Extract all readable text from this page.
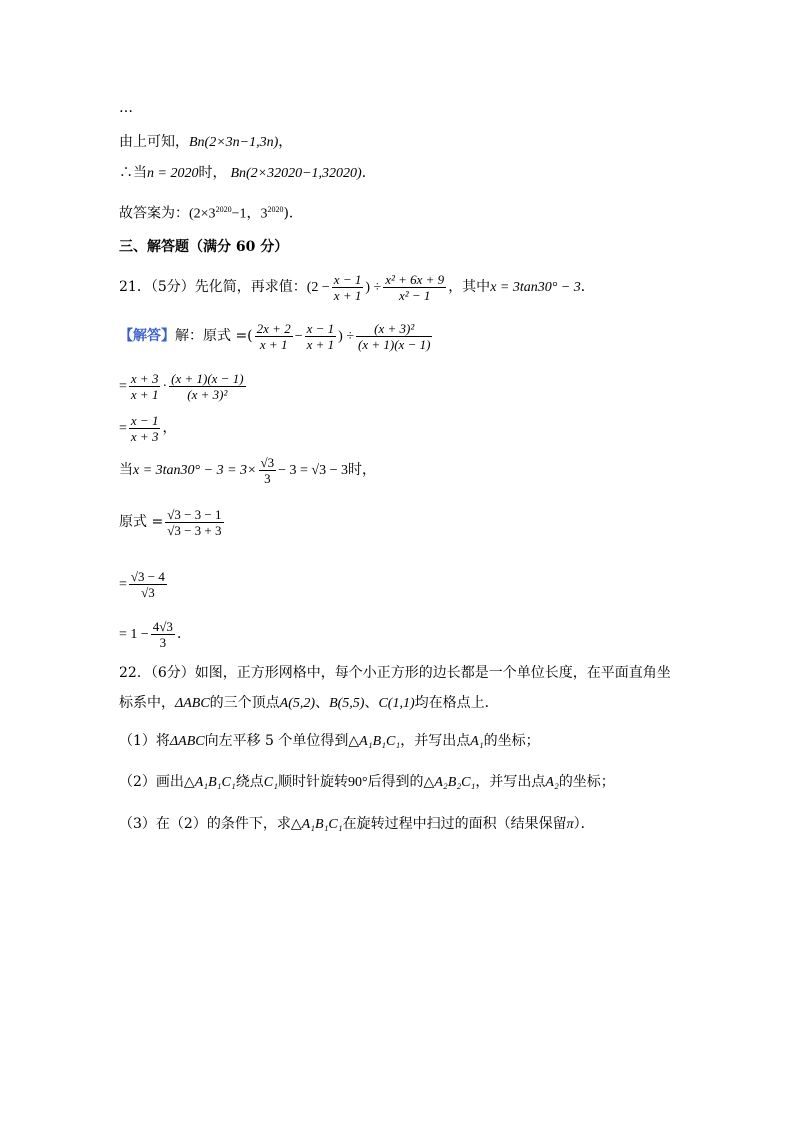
…
由上可知，Bn(2×3n−1,3n)，
∴当n = 2020时， Bn(2×32020−1,32020)．
故答案为：($2\times 3^{2020}-1$，$3^{2020}$)．
三、解答题（满分 60 分）
21．（5分）先化简，再求值：($2 - \frac{x - 1}{x + 1}$ ) ÷ $\frac{\text{x² + 6x + 9}}{\text{x² − 1}}$ ，其中x = 3tan30° − 3．
【解答】解：原式 =( $\frac{2x + 2}{x + 1} - \frac{x - 1}{x + 1}$ ) ÷ $\frac{\text{(x + 3)²}}{(x + 1)(x - 1)}$
= $\frac{x + 3}{x + 1} \cdot \frac{(x + 1)(x - 1)}{\text{(x + 3)²}}$
= $\frac{x - 1}{x + 3}$ ，
当$x = 3\tan 30^\circ - 3 = 3\times \frac{√3}{3} - 3 = √3 - 3$时，
原式 = $\frac{√3 - 3 - 1}{√3 - 3 + 3}$
= $\frac{√3 - 4}{√3}$
= $1 - \frac{4√3}{3}$ ．
22．（6分）如图，正方形网格中，每个小正方形的边长都是一个单位长度，在平面直角坐
标系中，ΔABC的三个顶点A(5,2)、B(5,5)、C(1,1)均在格点上．
（1）将ΔABC向左平移 5 个单位得到△A₁B₁C₁，并写出点A₁的坐标；
（2）画出△A₁B₁C₁绕点C₁顺时针旋转90°后得到的△A₂B₂C₁，并写出点A₂的坐标；
（3）在（2）的条件下，求△A₁B₁C₁在旋转过程中扫过的面积（结果保留π）．
